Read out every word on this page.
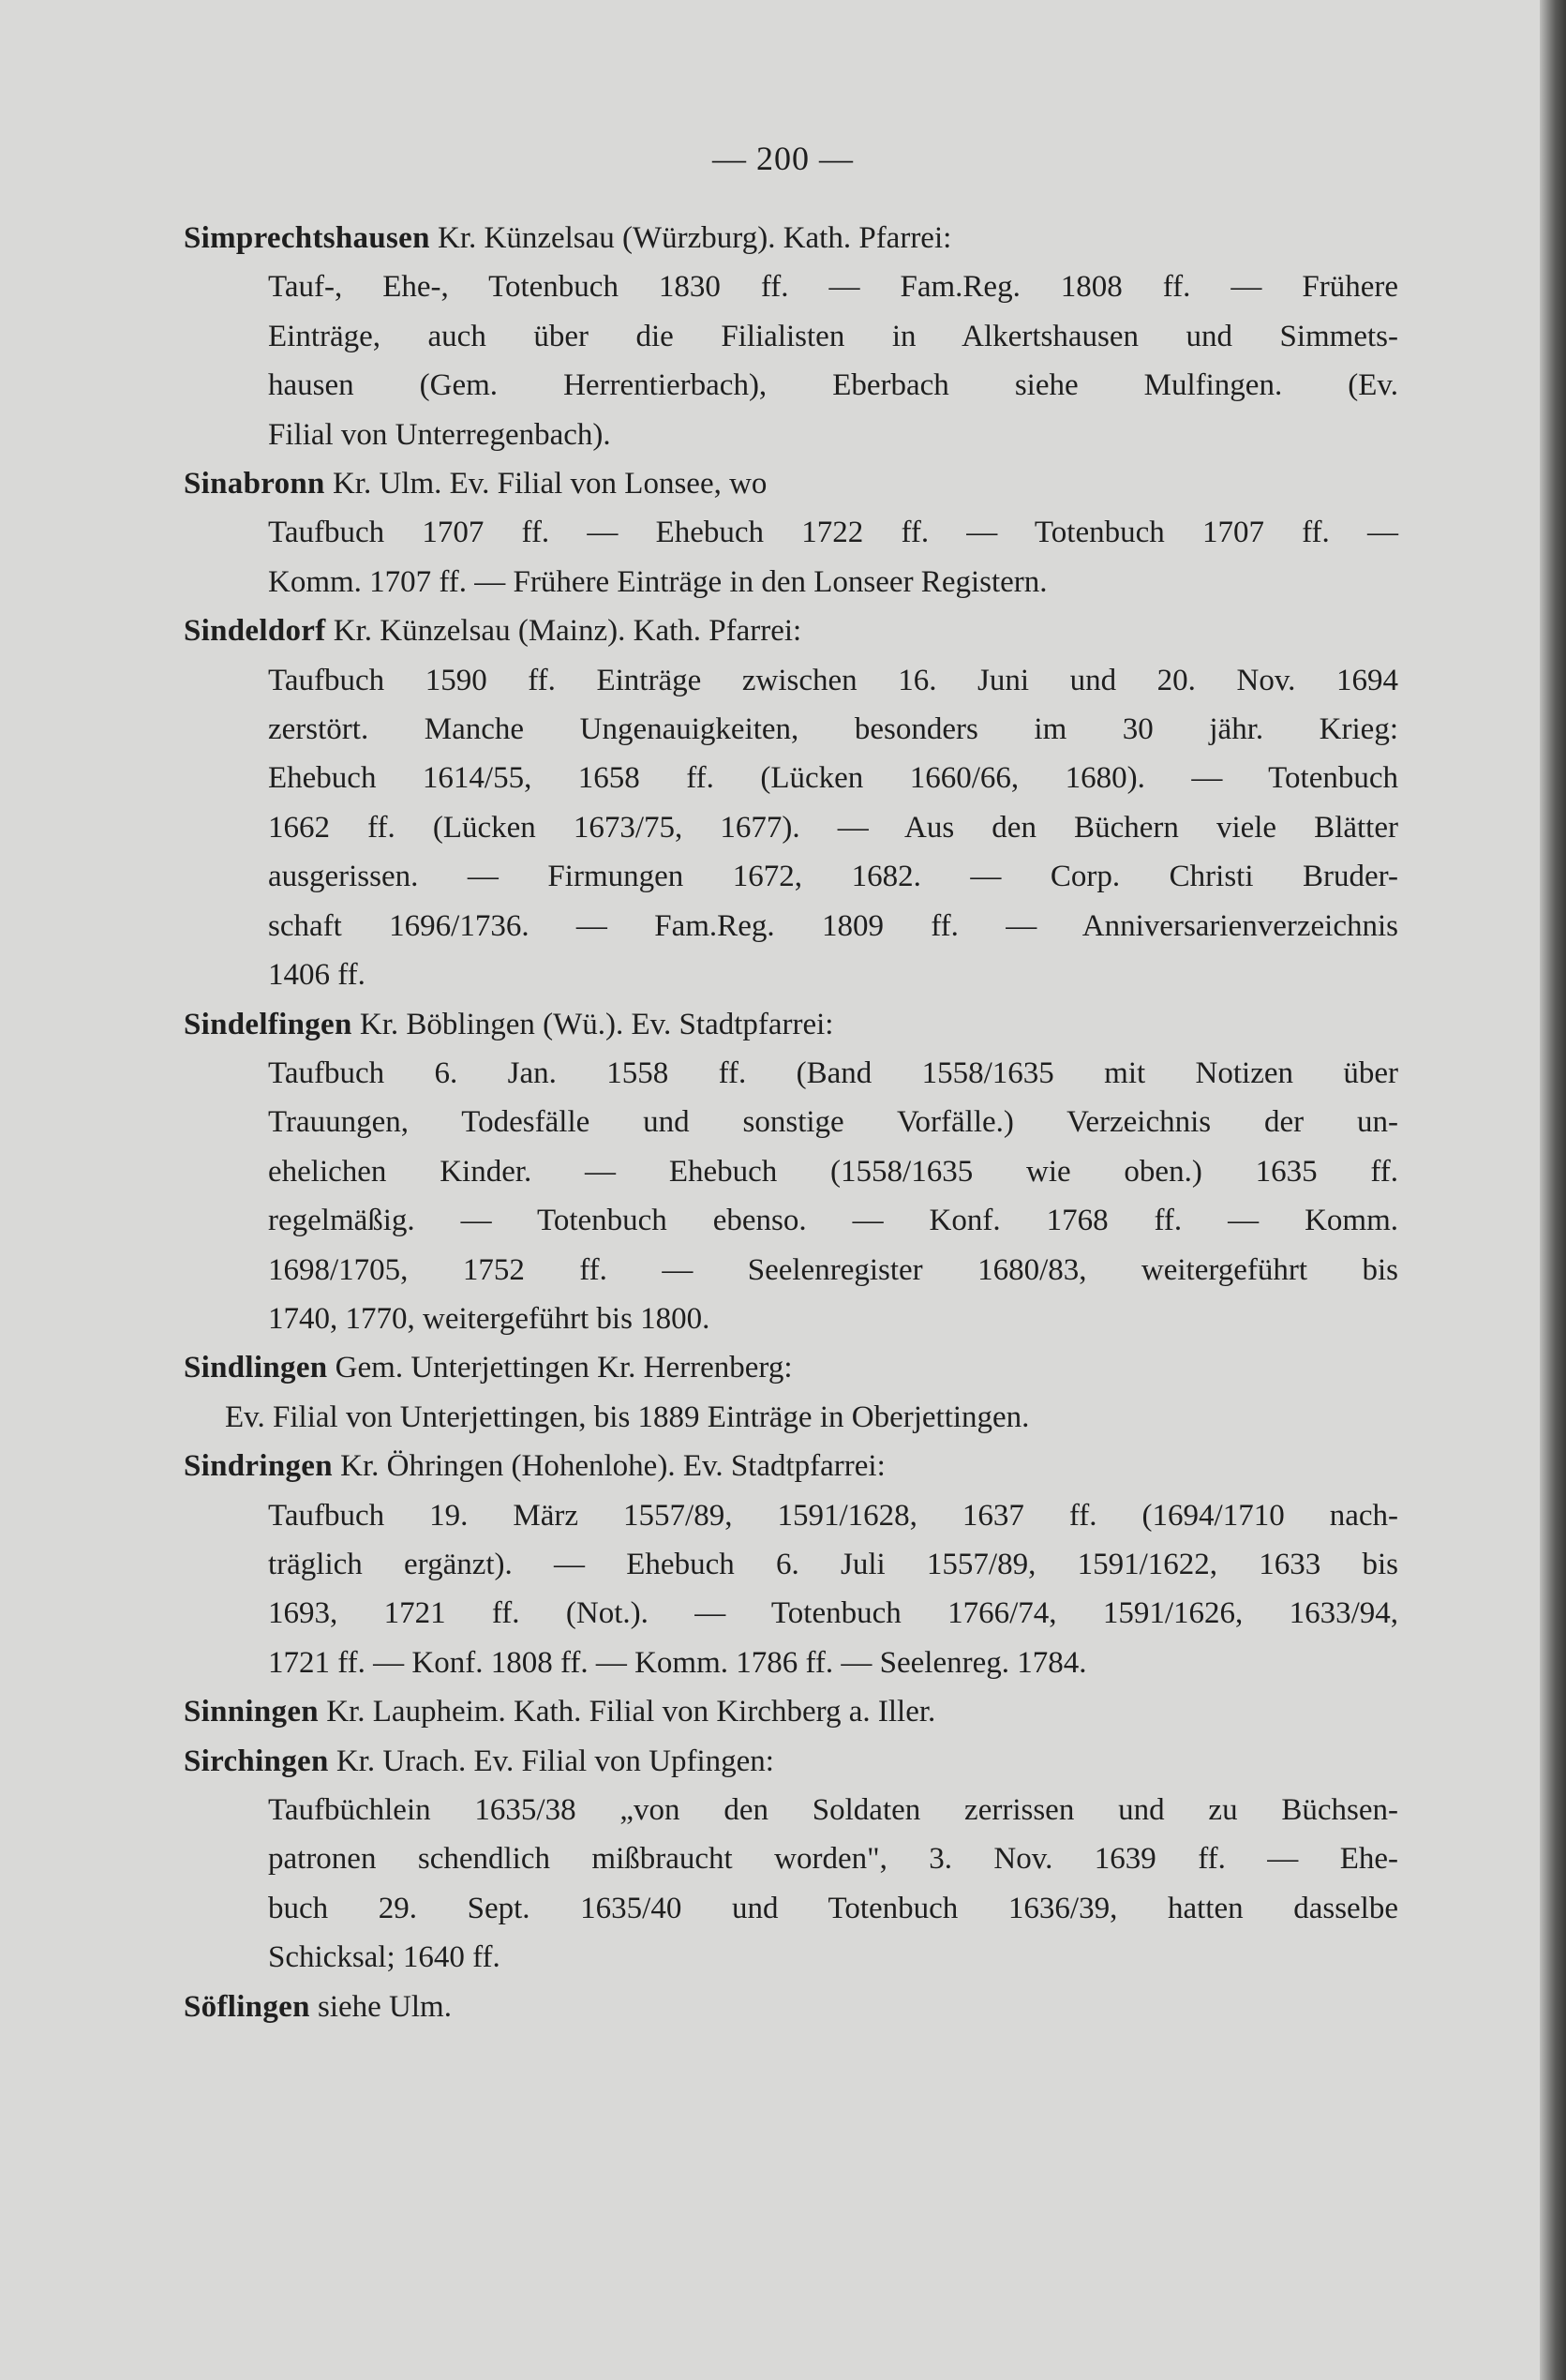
— 200 —
Simprechtshausen Kr. Künzelsau (Würzburg). Kath. Pfarrei:
Tauf-, Ehe-, Totenbuch 1830 ff. — Fam.Reg. 1808 ff. — Frühere
Einträge, auch über die Filialisten in Alkertshausen und Simmets-
hausen (Gem. Herrentierbach), Eberbach siehe Mulfingen. (Ev.
Filial von Unterregenbach).
Sinabronn Kr. Ulm. Ev. Filial von Lonsee, wo
Taufbuch 1707 ff. — Ehebuch 1722 ff. — Totenbuch 1707 ff. —
Komm. 1707 ff. — Frühere Einträge in den Lonseer Registern.
Sindeldorf Kr. Künzelsau (Mainz). Kath. Pfarrei:
Taufbuch 1590 ff. Einträge zwischen 16. Juni und 20. Nov. 1694
zerstört. Manche Ungenauigkeiten, besonders im 30 jähr. Krieg:
Ehebuch 1614/55, 1658 ff. (Lücken 1660/66, 1680). — Totenbuch
1662 ff. (Lücken 1673/75, 1677). — Aus den Büchern viele Blätter
ausgerissen. — Firmungen 1672, 1682. — Corp. Christi Bruder-
schaft 1696/1736. — Fam.Reg. 1809 ff. — Anniversarienverzeichnis
1406 ff.
Sindelfingen Kr. Böblingen (Wü.). Ev. Stadtpfarrei:
Taufbuch 6. Jan. 1558 ff. (Band 1558/1635 mit Notizen über
Trauungen, Todesfälle und sonstige Vorfälle.) Verzeichnis der un-
ehelichen Kinder. — Ehebuch (1558/1635 wie oben.) 1635 ff.
regelmäßig. — Totenbuch ebenso. — Konf. 1768 ff. — Komm.
1698/1705, 1752 ff. — Seelenregister 1680/83, weitergeführt bis
1740, 1770, weitergeführt bis 1800.
Sindlingen Gem. Unterjettingen Kr. Herrenberg:
Ev. Filial von Unterjettingen, bis 1889 Einträge in Oberjettingen.
Sindringen Kr. Öhringen (Hohenlohe). Ev. Stadtpfarrei:
Taufbuch 19. März 1557/89, 1591/1628, 1637 ff. (1694/1710 nach-
träglich ergänzt). — Ehebuch 6. Juli 1557/89, 1591/1622, 1633 bis
1693, 1721 ff. (Not.). — Totenbuch 1766/74, 1591/1626, 1633/94,
1721 ff. — Konf. 1808 ff. — Komm. 1786 ff. — Seelenreg. 1784.
Sinningen Kr. Laupheim. Kath. Filial von Kirchberg a. Iller.
Sirchingen Kr. Urach. Ev. Filial von Upfingen:
Taufbüchlein 1635/38 „von den Soldaten zerrissen und zu Büchsen-
patronen schendlich mißbraucht worden", 3. Nov. 1639 ff. — Ehe-
buch 29. Sept. 1635/40 und Totenbuch 1636/39, hatten dasselbe
Schicksal; 1640 ff.
Söflingen siehe Ulm.
